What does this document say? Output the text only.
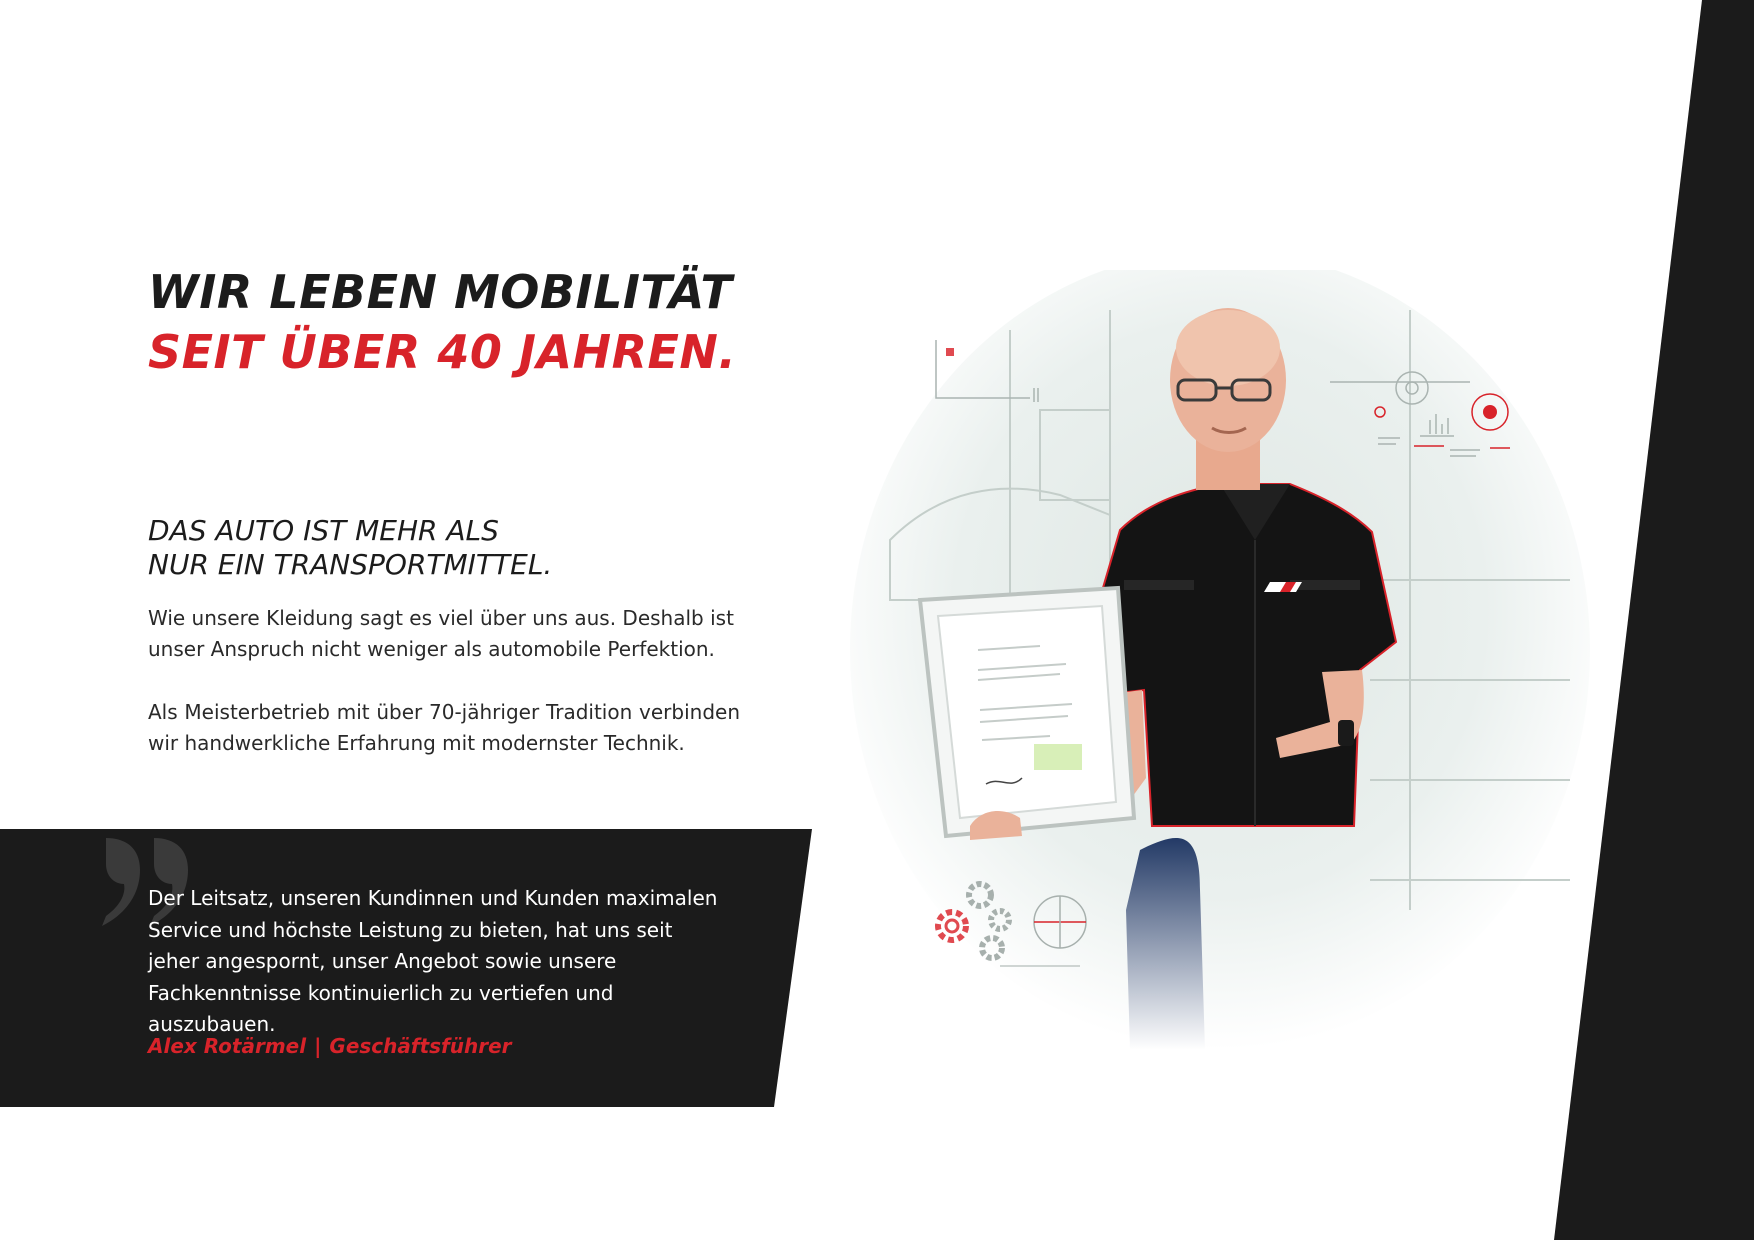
WIR LEBEN MOBILITÄT
SEIT ÜBER 40 JAHREN.
DAS AUTO IST MEHR ALS
NUR EIN TRANSPORTMITTEL.

Wie unsere Kleidung sagt es viel über uns aus. Deshalb ist unser Anspruch nicht weniger als automobile Perfektion.

Als Meisterbetrieb mit über 70-jähriger Tradition verbinden wir handwerkliche Erfahrung mit modernster Technik.

Der Leitsatz, unseren Kundinnen und Kunden maximalen Service und höchste Leistung zu bieten, hat uns seit jeher angespornt, unser Angebot sowie unsere Fachkenntnisse kontinuierlich zu vertiefen und auszubauen.

Alex Rotärmel | Geschäftsführer
